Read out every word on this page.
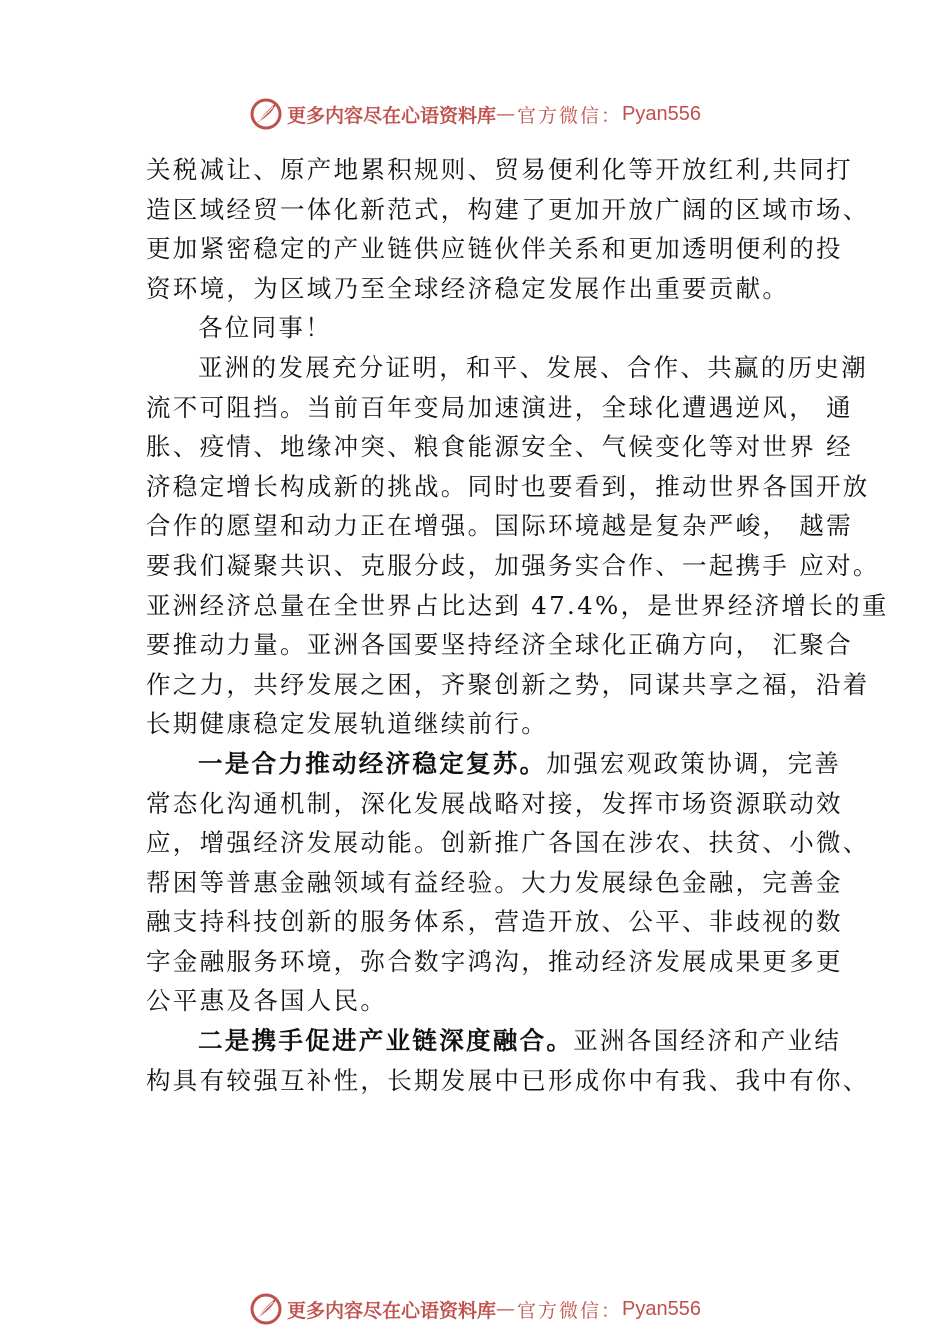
更多内容尽在心语资料库 — 官方微信： Pyan556
关税减让、原产地累积规则、贸易便利化等开放红利,共同打
造区域经贸一体化新范式，构建了更加开放广阔的区域市场、
更加紧密稳定的产业链供应链伙伴关系和更加透明便利的投
资环境，为区域乃至全球经济稳定发展作出重要贡献。
各位同事！
亚洲的发展充分证明，和平、发展、合作、共赢的历史潮
流不可阻挡。当前百年变局加速演进，全球化遭遇逆风， 通
胀、疫情、地缘冲突、粮食能源安全、气候变化等对世界 经
济稳定增长构成新的挑战。同时也要看到，推动世界各国开放
合作的愿望和动力正在增强。国际环境越是复杂严峻， 越需
要我们凝聚共识、克服分歧，加强务实合作、一起携手 应对。
亚洲经济总量在全世界占比达到 47.4%，是世界经济增长的重
要推动力量。亚洲各国要坚持经济全球化正确方向， 汇聚合
作之力，共纾发展之困，齐聚创新之势，同谋共享之福，沿着
长期健康稳定发展轨道继续前行。
一是合力推动经济稳定复苏。加强宏观政策协调，完善
常态化沟通机制，深化发展战略对接，发挥市场资源联动效
应，增强经济发展动能。创新推广各国在涉农、扶贫、小微、
帮困等普惠金融领域有益经验。大力发展绿色金融，完善金
融支持科技创新的服务体系，营造开放、公平、非歧视的数
字金融服务环境，弥合数字鸿沟，推动经济发展成果更多更
公平惠及各国人民。
二是携手促进产业链深度融合。亚洲各国经济和产业结
构具有较强互补性，长期发展中已形成你中有我、我中有你、
更多内容尽在心语资料库 — 官方微信： Pyan556
